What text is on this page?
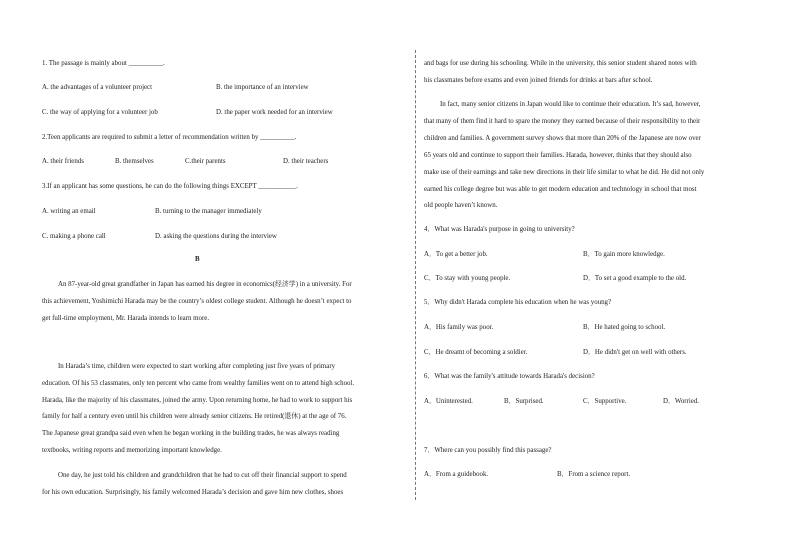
1. The passage is mainly about __________.
A. the advantages of a volunteer project	B. the importance of an interview
C. the way of applying for a volunteer job	D. the paper work needed for an interview
2.Teen applicants are required to submit a letter of recommendation written by __________.
A. their friends	B. themselves	C.their parents	D. their teachers
3.If an applicant has some questions, he can do the following things EXCEPT ___________.
A. writing an email	B. turning to the manager immediately
C. making a phone call	D. asking the questions during the interview
B
An 87-year-old great grandfather in Japan has earned his degree in economics(经济学) in a university. For
this achievement, Yoshimichi Harada may be the country’s oldest college student. Although he doesn’t expect to
get full-time employment, Mr. Harada intends to learn more.
In Harada’s time, children were expected to start working after completing just five years of primary
education. Of his 53 classmates, only ten percent who came from wealthy families went on to attend high school.
Harada, like the majority of his classmates, joined the army. Upon returning home, he had to work to support his
family for half a century even until his children were already senior citizens. He retired(退休) at the age of 76.
The Japanese great grandpa said even when he began working in the building trades, he was always reading
textbooks, writing reports and memorizing important knowledge.
One day, he just told his children and grandchildren that he had to cut off their financial support to spend
for his own education. Surprisingly, his family welcomed Harada’s decision and gave him new clothes, shoes
and bags for use during his schooling. While in the university, this senior student shared notes with
his classmates before exams and even joined friends for drinks at bars after school.
In fact, many senior citizens in Japan would like to continue their education. It’s sad, however,
that many of them find it hard to spare the money they earned because of their responsibility to their
children and families. A government survey shows that more than 20% of the Japanese are now over
65 years old and continue to support their families. Harada, however, thinks that they should also
make use of their earnings and take new directions in their life similar to what he did. He did not only
earned his college degree but was able to get modern education and technology in school that most
old people haven’t known.
4．What was Harada's purpose in going to university?
A．To get a better job.	B．To gain more knowledge.
C．To stay with young people.	D．To set a good example to the old.
5．Why didn't Harada complete his education when he was young?
A．His family was poor.	B．He hated going to school.
C．He dreamt of becoming a soldier.	D．He didn't get on well with others.
6．What was the family's attitude towards Harada's decision?
A．Uninterested.	B．Surprised.	C．Supportive.	D．Worried.
7．Where can you possibly find this passage?
A．From a guidebook.	B．From a science report.
